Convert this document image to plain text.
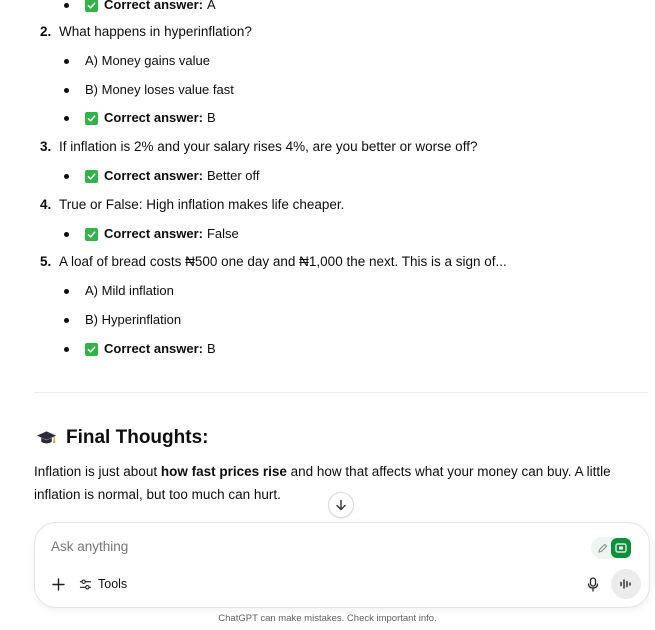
Correct answer: A
2. What happens in hyperinflation?
A) Money gains value
B) Money loses value fast
Correct answer: B
3. If inflation is 2% and your salary rises 4%, are you better or worse off?
Correct answer: Better off
4. True or False: High inflation makes life cheaper.
Correct answer: False
5. A loaf of bread costs ₦500 one day and ₦1,000 the next. This is a sign of...
A) Mild inflation
B) Hyperinflation
Correct answer: B
Final Thoughts:
Inflation is just about how fast prices rise and how that affects what your money can buy. A little inflation is normal, but too much can hurt.
Ask anything
Tools
ChatGPT can make mistakes. Check important info.
